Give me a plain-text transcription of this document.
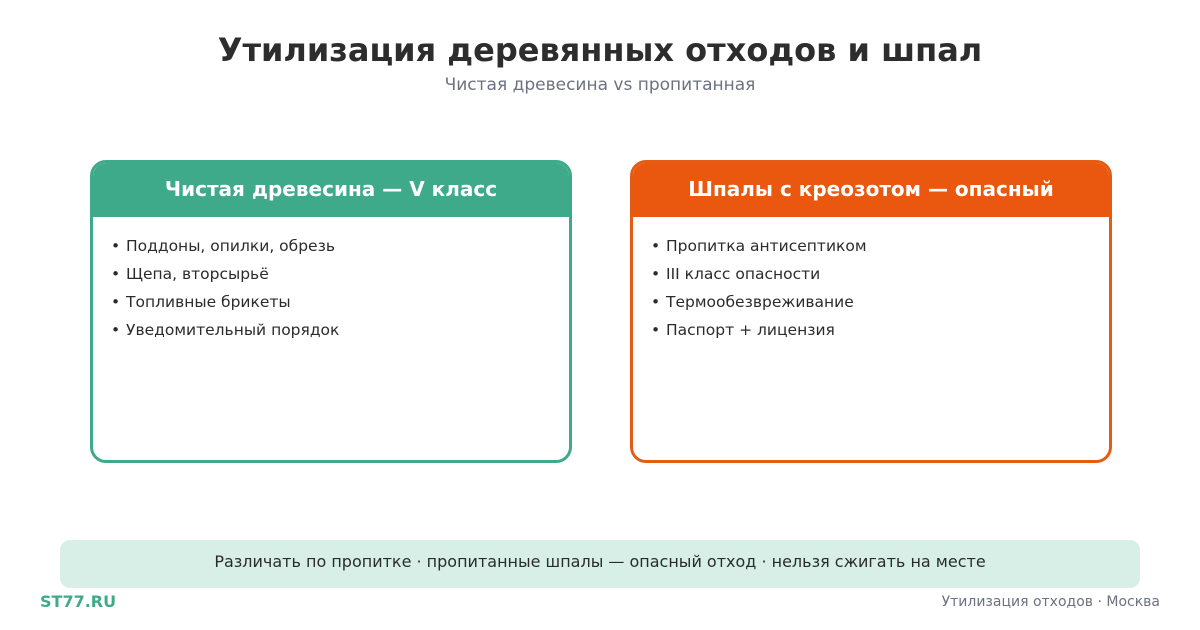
Утилизация деревянных отходов и шпал
Чистая древесина vs пропитанная
Чистая древесина — V класс
• Поддоны, опилки, обрезь
• Щепа, вторсырьё
• Топливные брикеты
• Уведомительный порядок
Шпалы с креозотом — опасный
• Пропитка антисептиком
• III класс опасности
• Термообезвреживание
• Паспорт + лицензия
Различать по пропитке · пропитанные шпалы — опасный отход · нельзя сжигать на месте
ST77.RU	Утилизация отходов · Москва
